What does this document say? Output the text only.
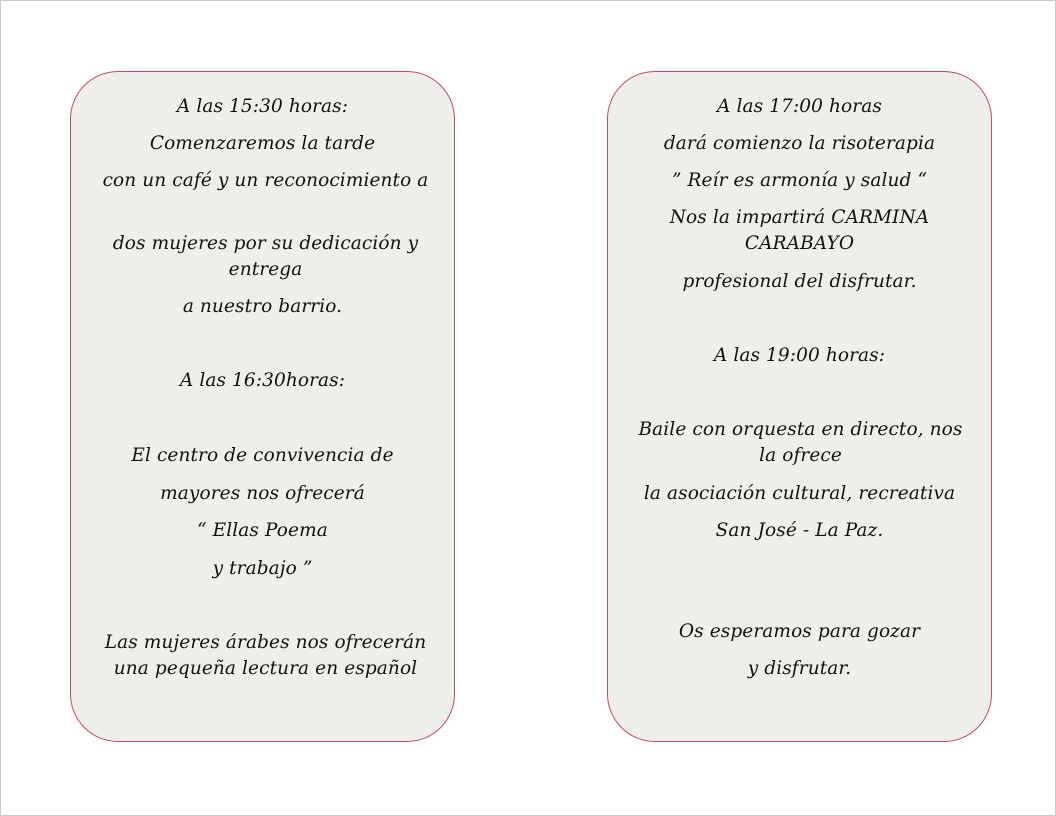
A las 15:30 horas:
Comenzaremos la tarde
con un café y un reconocimiento a
dos mujeres por su dedicación y entrega
a nuestro barrio.
A las 16:30horas:
El centro de convivencia de
mayores nos ofrecerá
“ Ellas Poema
y trabajo ”
Las mujeres árabes nos ofrecerán una pequeña lectura en español
A las 17:00 horas
dará comienzo la risoterapia
” Reír es armonía y salud “
Nos la impartirá CARMINA CARABAYO
profesional del disfrutar.
A las 19:00 horas:
Baile con orquesta en directo, nos la ofrece
la asociación cultural, recreativa
San José - La Paz.
Os esperamos para gozar
y disfrutar.
